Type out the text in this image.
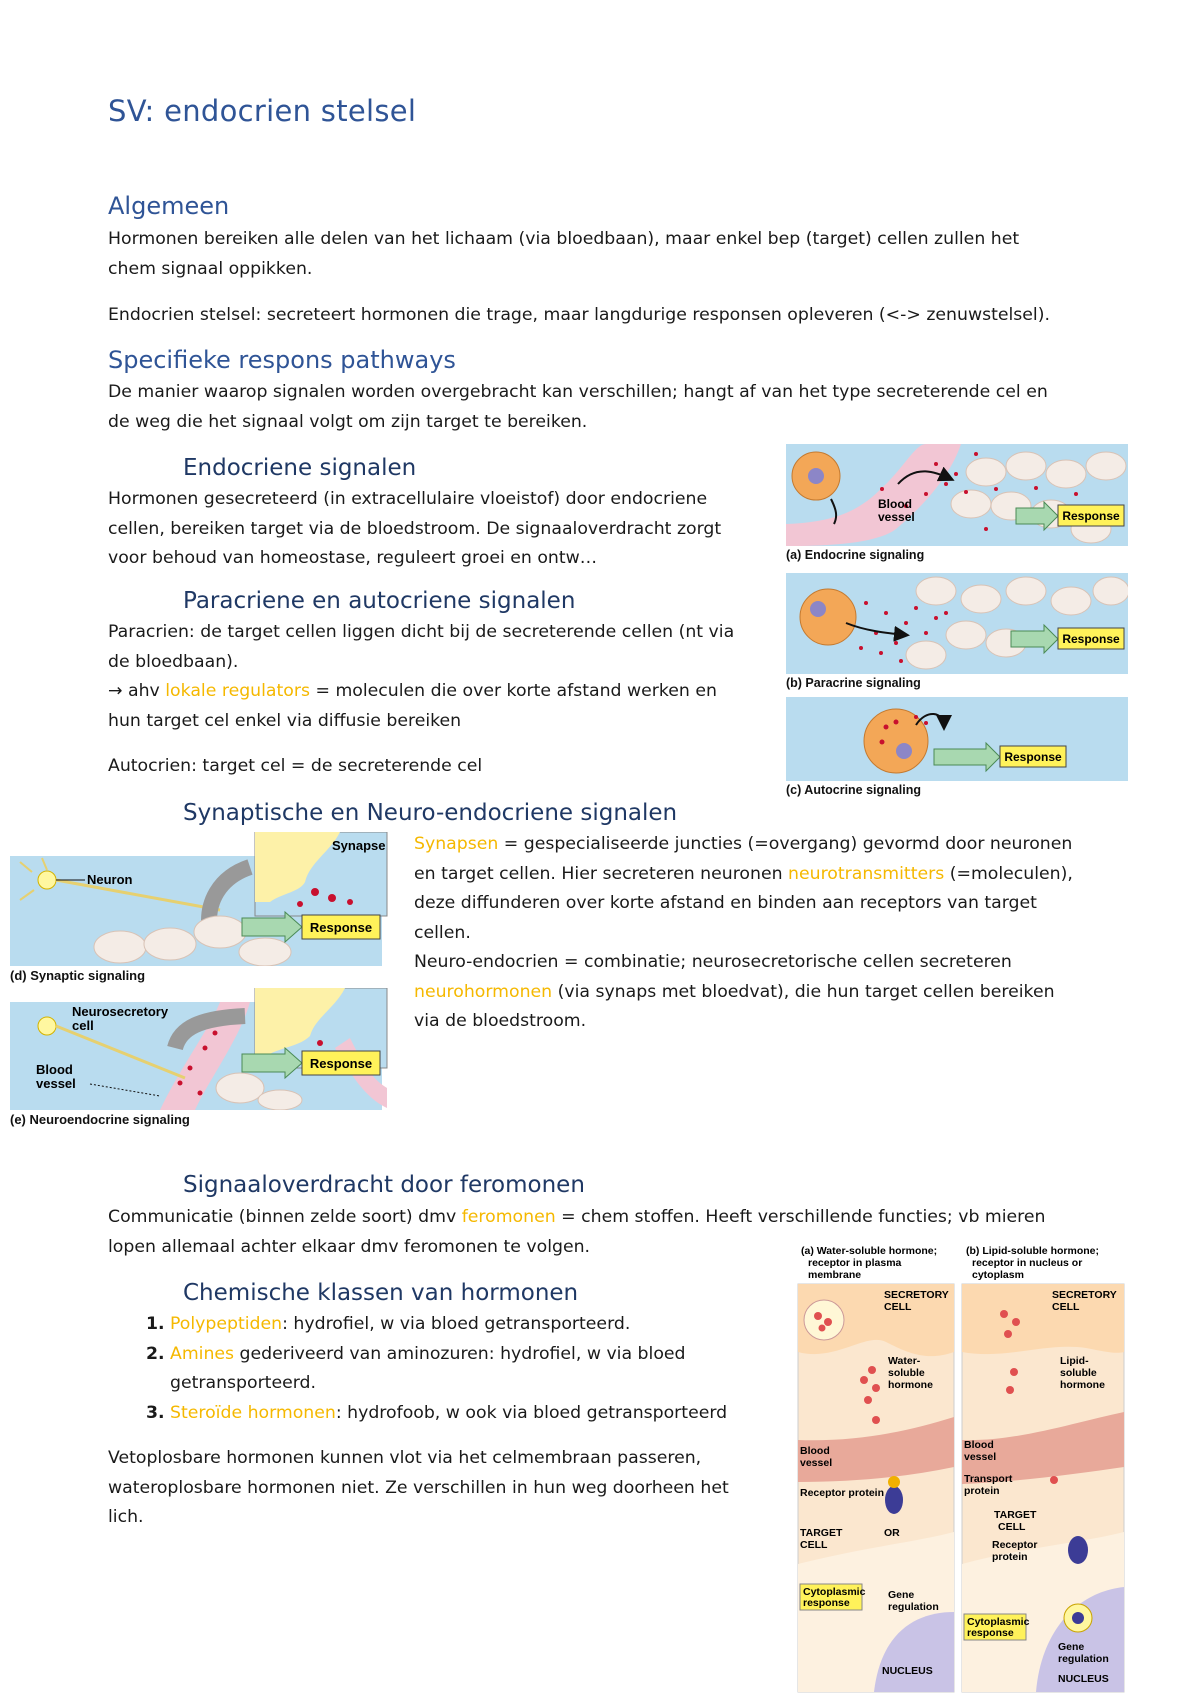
SV: endocrien stelsel
Algemeen

Hormonen bereiken alle delen van het lichaam (via bloedbaan), maar enkel bep (target) cellen zullen het

chem signaal oppikken.

Endocrien stelsel: secreteert hormonen die trage, maar langdurige responsen opleveren (<-> zenuwstelsel).

Specifieke respons pathways

De manier waarop signalen worden overgebracht kan verschillen; hangt af van het type secreterende cel en

de weg die het signaal volgt om zijn target te bereiken.

Endocriene signalen

Hormonen gesecreteerd (in extracellulaire vloeistof) door endocriene

cellen, bereiken target via de bloedstroom. De signaaloverdracht zorgt

voor behoud van homeostase, reguleert groei en ontw…

Paracriene en autocriene signalen

Paracrien: de target cellen liggen dicht bij de secreterende cellen (nt via

de bloedbaan).

→ ahv lokale regulators = moleculen die over korte afstand werken en

hun target cel enkel via diffusie bereiken

Autocrien: target cel = de secreterende cel

Synaptische en Neuro-endocriene signalen

Synapsen = gespecialiseerde juncties (=overgang) gevormd door neuronen

en target cellen. Hier secreteren neuronen neurotransmitters (=moleculen),

deze diffunderen over korte afstand en binden aan receptors van target

cellen.

Neuro-endocrien = combinatie; neurosecretorische cellen secreteren

neurohormonen (via synaps met bloedvat), die hun target cellen bereiken

via de bloedstroom.

Signaaloverdracht door feromonen

Communicatie (binnen zelde soort) dmv feromonen = chem stoffen. Heeft verschillende functies; vb mieren

lopen allemaal achter elkaar dmv feromonen te volgen.

Chemische klassen van hormonen
1. Polypeptiden: hydrofiel, w via bloed getransporteerd.
2. Amines gederiveerd van aminozuren: hydrofiel, w via bloed
getransporteerd.
3. Steroïde hormonen: hydrofoob, w ook via bloed getransporteerd

Vetoplosbare hormonen kunnen vlot via het celmembraan passeren,

wateroplosbare hormonen niet. Ze verschillen in hun weg doorheen het

lich.

Response
Blood
vessel
(a) Endocrine signaling
Response
(b) Paracrine signaling
Response
(c) Autocrine signaling
Neuron
Synapse
Response
(d) Synaptic signaling
Neurosecretory
cell
Blood
vessel
Response
(e) Neuroendocrine signaling
(a) Water-soluble hormone;
receptor in plasma
membrane
SECRETORY
CELL
Water-
soluble
hormone
Blood
vessel
Receptor protein
OR
TARGET
CELL
Cytoplasmic
response
Gene
regulation
NUCLEUS
(b) Lipid-soluble hormone;
receptor in nucleus or
cytoplasm
SECRETORY
CELL
Lipid-
soluble
hormone
Blood
vessel
Transport
protein
TARGET
CELL
Receptor
protein
Cytoplasmic
response
Gene
regulation
NUCLEUS
